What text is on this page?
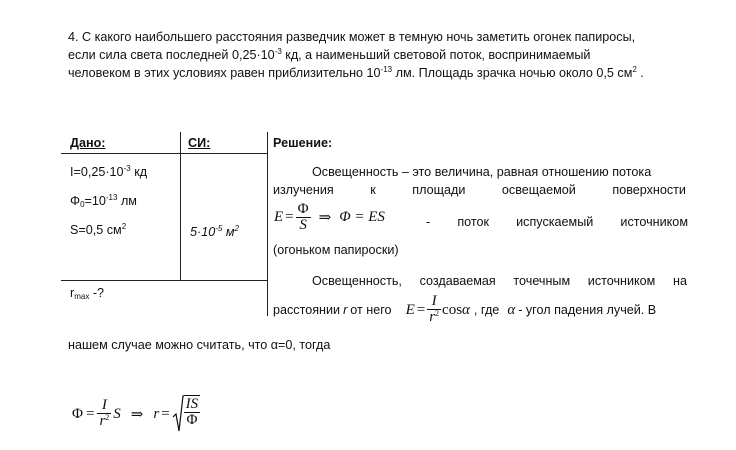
4. С какого наибольшего расстояния разведчик может в темную ночь заметить огонек папиросы,
если сила света последней $0,25\cdot 10^{-3}$ кд, а наименьший световой поток, воспринимаемый
человеком в этих условиях равен приблизительно $10^{-13}$ лм. Площадь зрачка ночью около 0,5 $см^2$ .
Дано:	СИ:	Решение:
$I=0,25\cdot 10^{-3}$ кд
$\Phi 0=10^{-13}$ лм
S=0,5 $см^2$	$5\cdot 10^{-5}$ $м^2$
rmax -?
Освещенность – это величина, равная отношению потока
излучения	к	площади	освещаемой	поверхности
$E = \frac{\Phi}{S}$ ⇒ Φ = ES	- поток испускаемый источником
(огоньком папироски)
Освещенность, создаваемая точечным источником на
расстоянии r от него $E = \frac{I}{r^2}$ cos α , где α - угол падения лучей. В
нашем случае можно считать, что α=0, тогда
$\Phi = \frac{I}{r^2}$ S ⇒ $r = \frac{IS}{\Phi}$
